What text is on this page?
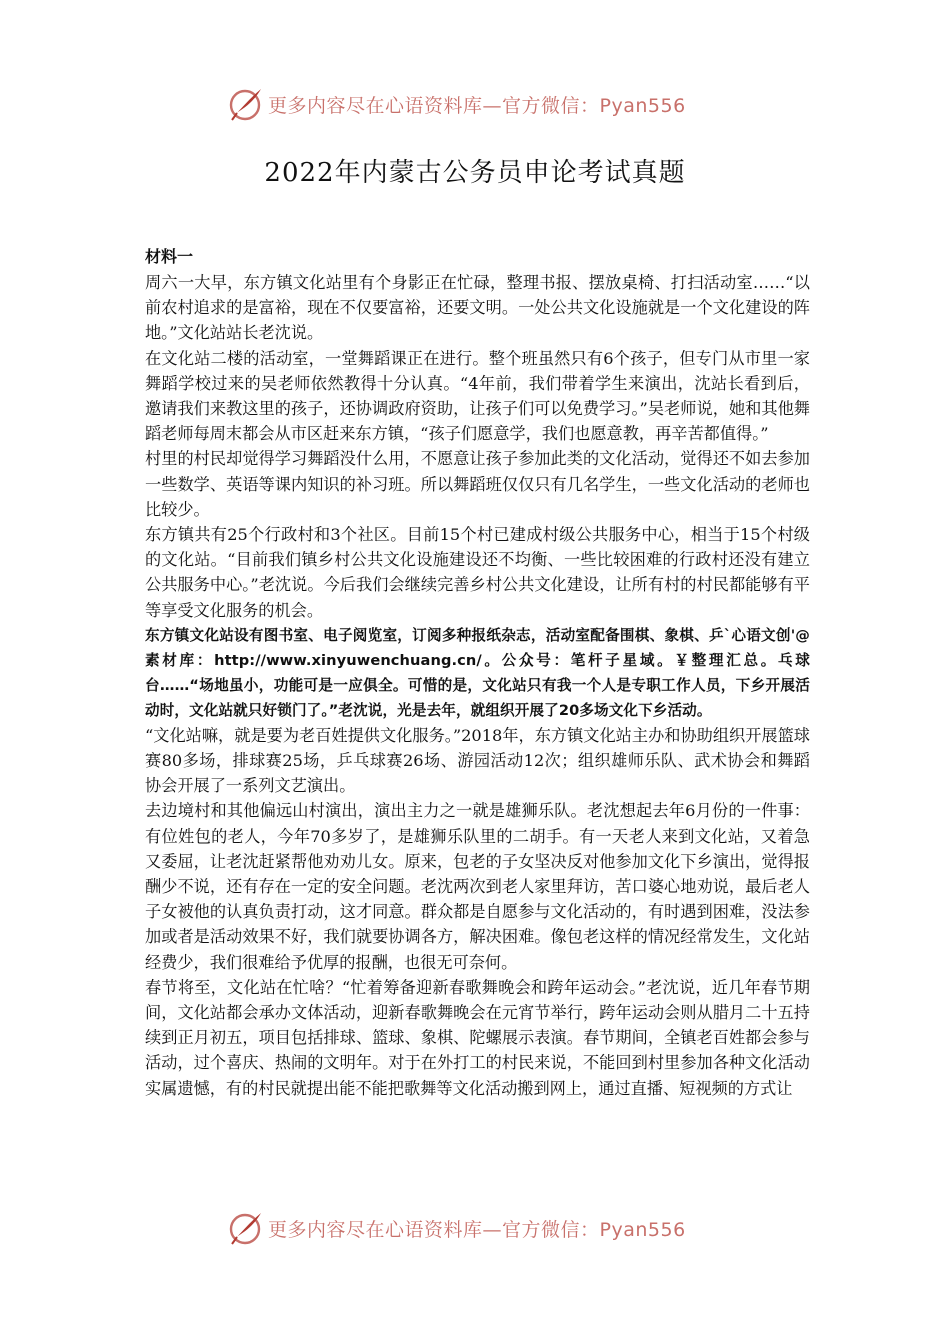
更多内容尽在心语资料库—官方微信：Pyan556
2022年内蒙古公务员申论考试真题
材料一

周六一大早，东方镇文化站里有个身影正在忙碌，整理书报、摆放桌椅、打扫活动室……“以前农村追求的是富裕，现在不仅要富裕，还要文明。一处公共文化设施就是一个文化建设的阵地。”文化站站长老沈说。

在文化站二楼的活动室，一堂舞蹈课正在进行。整个班虽然只有6个孩子，但专门从市里一家舞蹈学校过来的吴老师依然教得十分认真。“4年前，我们带着学生来演出，沈站长看到后，邀请我们来教这里的孩子，还协调政府资助，让孩子们可以免费学习。”吴老师说，她和其他舞蹈老师每周末都会从市区赶来东方镇，“孩子们愿意学，我们也愿意教，再辛苦都值得。”

村里的村民却觉得学习舞蹈没什么用，不愿意让孩子参加此类的文化活动，觉得还不如去参加一些数学、英语等课内知识的补习班。所以舞蹈班仅仅只有几名学生，一些文化活动的老师也比较少。

东方镇共有25个行政村和3个社区。目前15个村已建成村级公共服务中心，相当于15个村级的文化站。“目前我们镇乡村公共文化设施建设还不均衡、一些比较困难的行政村还没有建立公共服务中心。”老沈说。今后我们会继续完善乡村公共文化建设，让所有村的村民都能够有平等享受文化服务的机会。

东方镇文化站设有图书室、电子阅览室，订阅多种报纸杂志，活动室配备围棋、象棋、乒`心语文创'@素材库：http://www.xinyuwenchuang.cn/。公众号：笔杆子星域。￥整理汇总。乓球台……“场地虽小，功能可是一应俱全。可惜的是，文化站只有我一个人是专职工作人员，下乡开展活动时，文化站就只好锁门了。”老沈说，光是去年，就组织开展了20多场文化下乡活动。

“文化站嘛，就是要为老百姓提供文化服务。”2018年，东方镇文化站主办和协助组织开展篮球赛80多场，排球赛25场，乒乓球赛26场、游园活动12次；组织雄师乐队、武术协会和舞蹈协会开展了一系列文艺演出。

去边境村和其他偏远山村演出，演出主力之一就是雄狮乐队。老沈想起去年6月份的一件事：有位姓包的老人，今年70多岁了，是雄狮乐队里的二胡手。有一天老人来到文化站，又着急又委屈，让老沈赶紧帮他劝劝儿女。原来，包老的子女坚决反对他参加文化下乡演出，觉得报酬少不说，还有存在一定的安全问题。老沈两次到老人家里拜访，苦口婆心地劝说，最后老人子女被他的认真负责打动，这才同意。群众都是自愿参与文化活动的，有时遇到困难，没法参加或者是活动效果不好，我们就要协调各方，解决困难。像包老这样的情况经常发生，文化站经费少，我们很难给予优厚的报酬，也很无可奈何。

春节将至，文化站在忙啥？“忙着筹备迎新春歌舞晚会和跨年运动会。”老沈说，近几年春节期间，文化站都会承办文体活动，迎新春歌舞晚会在元宵节举行，跨年运动会则从腊月二十五持续到正月初五，项目包括排球、篮球、象棋、陀螺展示表演。春节期间，全镇老百姓都会参与活动，过个喜庆、热闹的文明年。对于在外打工的村民来说，不能回到村里参加各种文化活动实属遗憾，有的村民就提出能不能把歌舞等文化活动搬到网上，通过直播、短视频的方式让

更多内容尽在心语资料库—官方微信：Pyan556
